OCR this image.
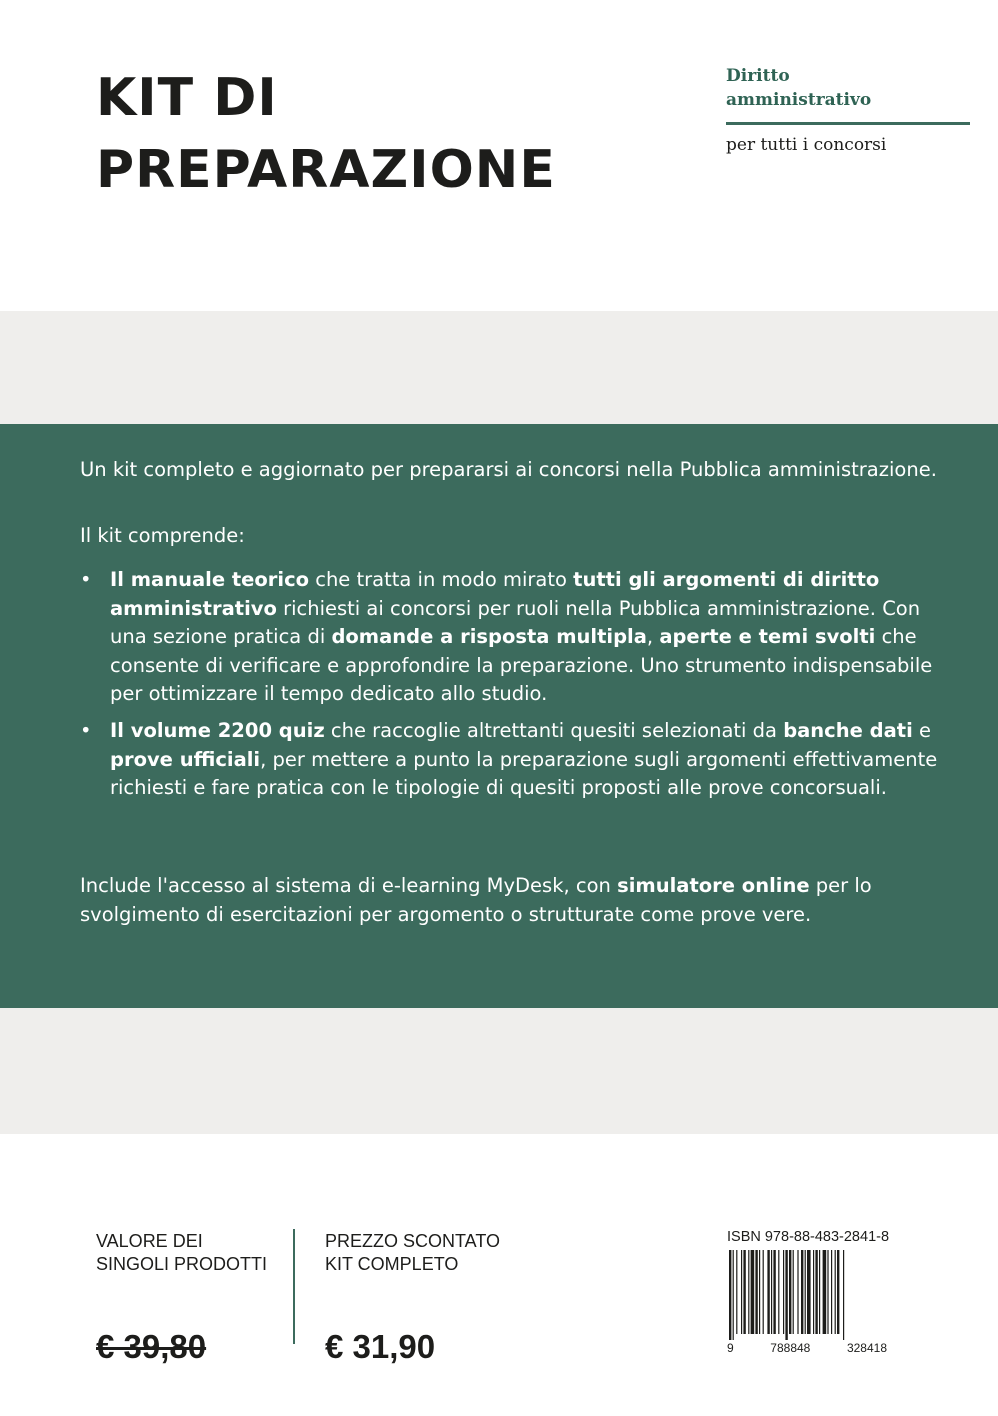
KIT DI
PREPARAZIONE
Diritto
amministrativo
per tutti i concorsi

Un kit completo e aggiornato per prepararsi ai concorsi nella Pubblica amministrazione.

Il kit comprende:

• Il manuale teorico che tratta in modo mirato tutti gli argomenti di diritto amministrativo richiesti ai concorsi per ruoli nella Pubblica amministrazione. Con una sezione pratica di domande a risposta multipla, aperte e temi svolti che consente di verificare e approfondire la preparazione. Uno strumento indispensabile per ottimizzare il tempo dedicato allo studio.
• Il volume 2200 quiz che raccoglie altrettanti quesiti selezionati da banche dati e prove ufficiali, per mettere a punto la preparazione sugli argomenti effettivamente richiesti e fare pratica con le tipologie di quesiti proposti alle prove concorsuali.

Include l'accesso al sistema di e-learning MyDesk, con simulatore online per lo svolgimento di esercitazioni per argomento o strutturate come prove vere.

VALORE DEI
SINGOLI PRODOTTI
€ 39,80
PREZZO SCONTATO
KIT COMPLETO
€ 31,90
ISBN 978-88-483-2841-8
9	788848	328418
